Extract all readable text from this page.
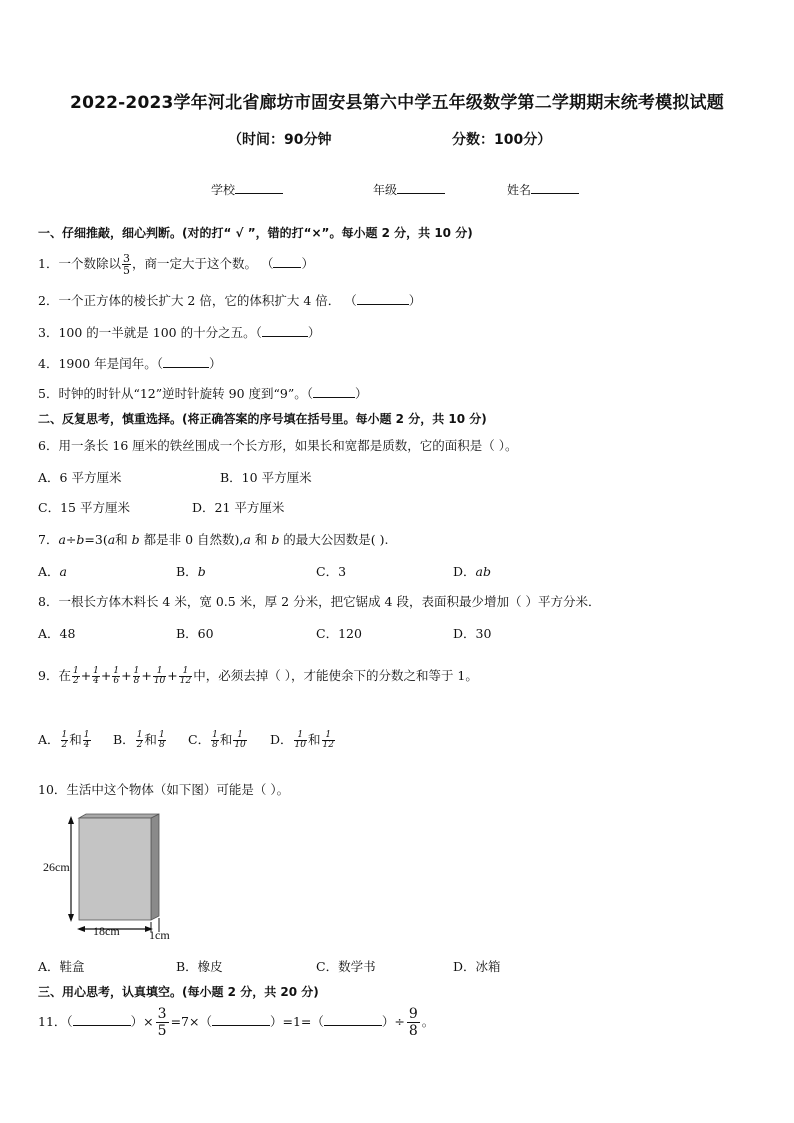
2022-2023学年河北省廊坊市固安县第六中学五年级数学第二学期期末统考模拟试题
（时间：90分钟	分数：100分）
学校	年级	姓名
一、仔细推敲，细心判断。(对的打“ √ ”，错的打“×”。每小题 2 分，共 10 分)
1．一个数除以 $\frac{3}{5}$ ，商一定大于这个数。 （ ）
2．一个正方体的棱长扩大 2 倍，它的体积扩大 4 倍． （	）
3．100 的一半就是 100 的十分之五。（	）
4．1900 年是闰年。（	）
5．时钟的时针从“12”逆时针旋转 90 度到“9”。（	）
二、反复思考，慎重选择。(将正确答案的序号填在括号里。每小题 2 分，共 10 分)
6．用一条长 16 厘米的铁丝围成一个长方形，如果长和宽都是质数，它的面积是（ ）。
A．6 平方厘米	B．10 平方厘米
C．15 平方厘米	D．21 平方厘米
7．a÷b=3(a和 b 都是非 0 自然数),a 和 b 的最大公因数是( ).
A．a	B．b	C．3	D．ab
8．一根长方体木料长 4 米，宽 0.5 米，厚 2 分米，把它锯成 4 段，表面积最少增加（ ）平方分米．
A．48	B．60	C．120	D．30
9．在 $\frac{1}{2} + \frac{1}{4} + \frac{1}{6} + \frac{1}{8} + \frac{1}{10} + \frac{1}{12}$ 中，必须去掉（ ），才能使余下的分数之和等于 1。
A． $\frac{1}{2}$ 和 $\frac{1}{4}$ B． $\frac{1}{2}$ 和 $\frac{1}{8}$ C． $\frac{1}{8}$ 和 $\frac{1}{10}$ D． $\frac{1}{10}$ 和 $\frac{1}{12}$
10．生活中这个物体（如下图）可能是（ ）。
26cm
18cm 1cm
A．鞋盒	B．橡皮	C．数学书	D．冰箱
三、用心思考，认真填空。(每小题 2 分，共 20 分)
11．（	）× $\frac{3}{5} =7\times$（	）=1=（	）÷ $\frac{9}{8}$ 。
